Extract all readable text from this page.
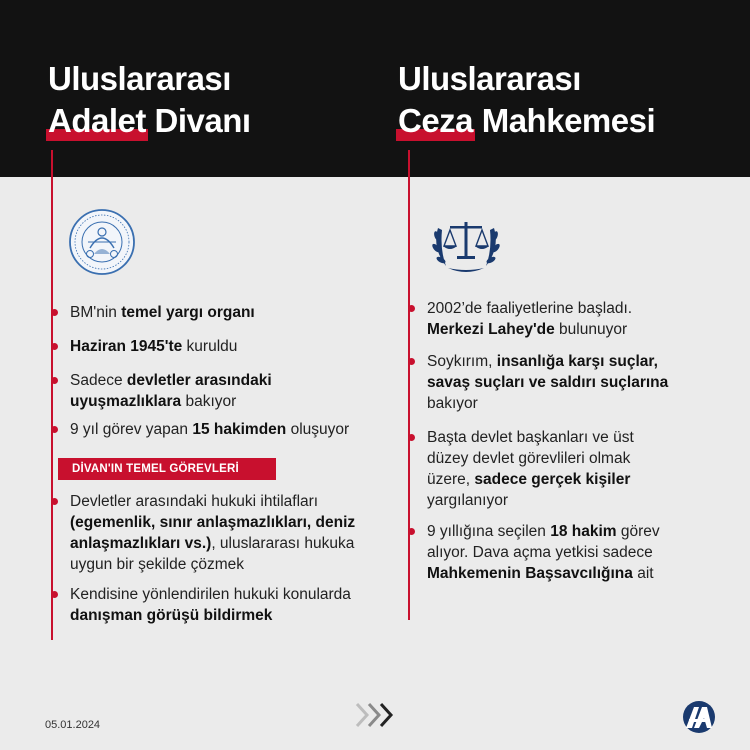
Uluslararası
Adalet Divanı
Uluslararası
Ceza Mahkemesi
BM'nin temel yargı organı
Haziran 1945'te kuruldu
Sadece devletler arasındaki uyuşmazlıklara bakıyor
9 yıl görev yapan 15 hakimden oluşuyor
DİVAN'IN TEMEL GÖREVLERİ
Devletler arasındaki hukuki ihtilafları (egemenlik, sınır anlaşmazlıkları, deniz anlaşmazlıkları vs.), uluslararası hukuka uygun bir şekilde çözmek
Kendisine yönlendirilen hukuki konularda danışman görüşü bildirmek
2002’de faaliyetlerine başladı. Merkezi Lahey'de bulunuyor
Soykırım, insanlığa karşı suçlar, savaş suçları ve saldırı suçlarına bakıyor
Başta devlet başkanları ve üst düzey devlet görevlileri olmak üzere, sadece gerçek kişiler yargılanıyor
9 yıllığına seçilen 18 hakim görev alıyor. Dava açma yetkisi sadece Mahkemenin Başsavcılığına ait
05.01.2024
